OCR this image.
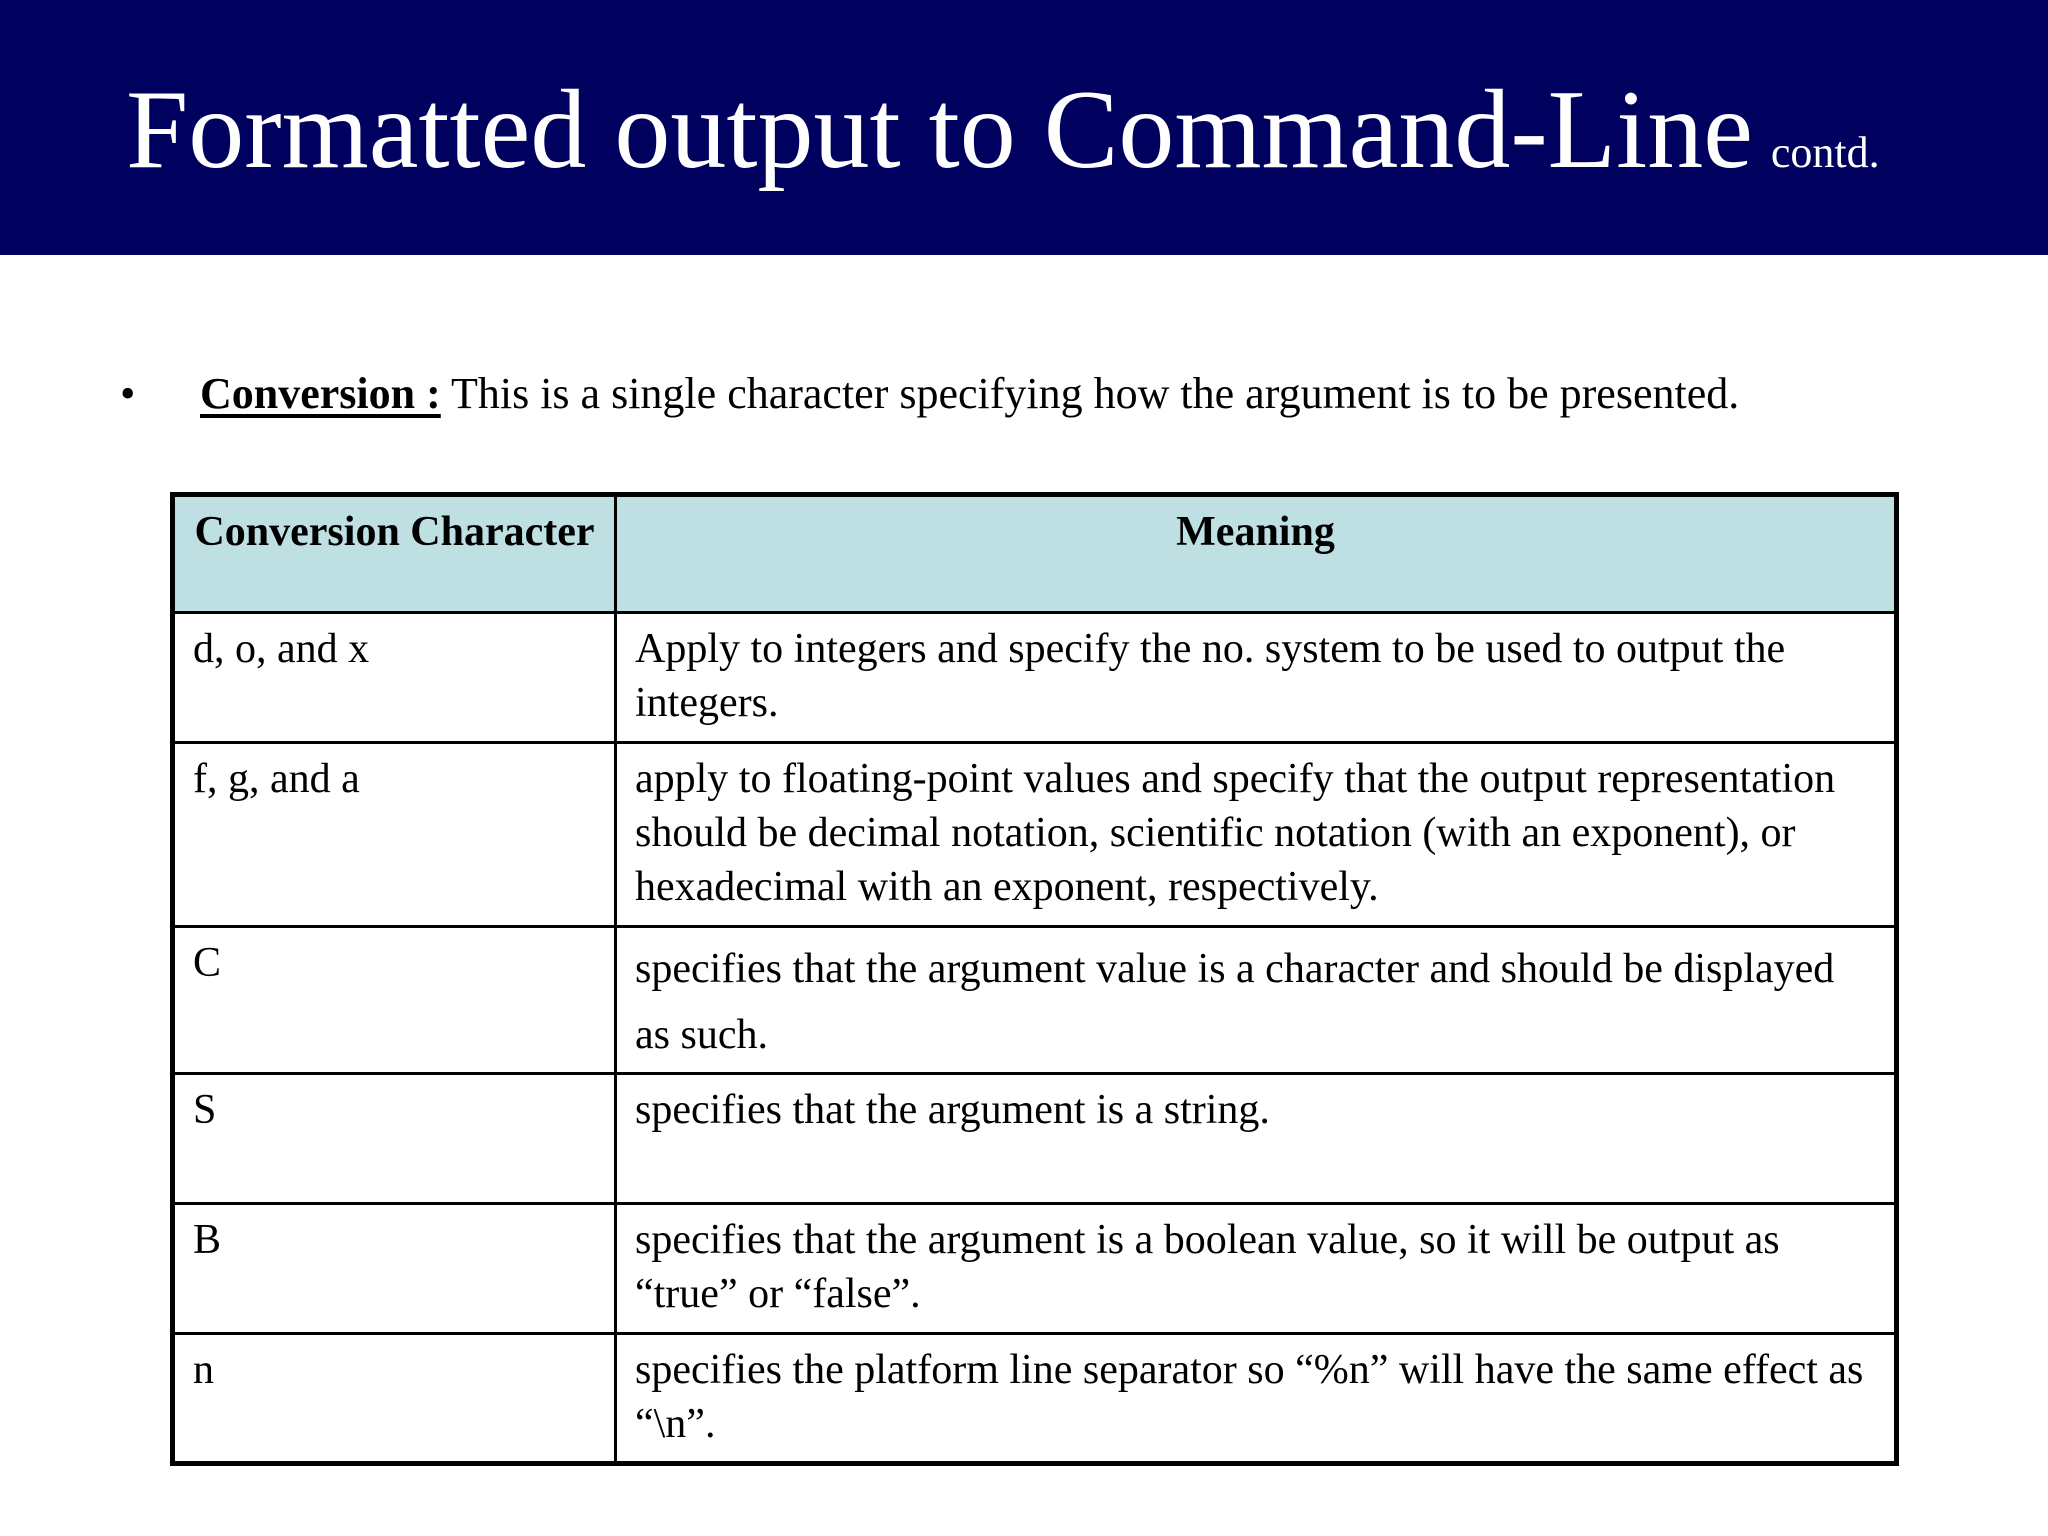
Formatted output to Command-Line contd.
• Conversion : This is a single character specifying how the argument is to be presented.
Conversion Character	Meaning
d, o, and x	Apply to integers and specify the no. system to be used to output the integers.
f, g, and a	apply to floating-point values and specify that the output representation should be decimal notation, scientific notation (with an exponent), or hexadecimal with an exponent, respectively.
C	specifies that the argument value is a character and should be displayed as such.
S	specifies that the argument is a string.
B	specifies that the argument is a boolean value, so it will be output as “true” or “false”.
n	specifies the platform line separator so “%n” will have the same effect as “\n”.
